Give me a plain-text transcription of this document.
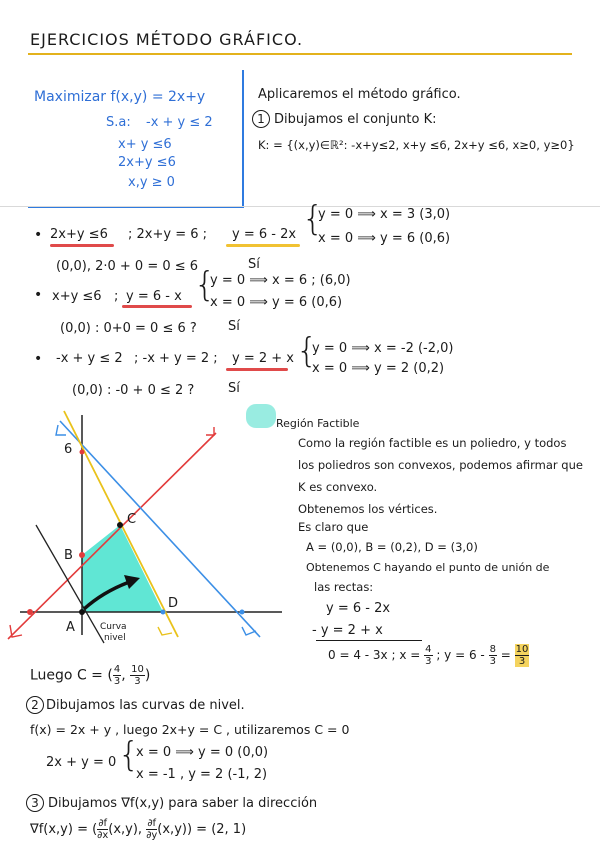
EJERCICIOS MÉTODO GRÁFICO.
Maximizar f(x,y) = 2x+y
S.a: -x + y ≤ 2
x+ y ≤6
2x+y ≤6
x,y ≥ 0
Aplicaremos el método gráfico.
1 Dibujamos el conjunto K:
K: = {(x,y)∈ℝ²: -x+y≤2, x+y ≤6, 2x+y ≤6, x≥0, y≥0}
• 2x+y ≤6 ; 2x+y = 6 ; y = 6 - 2x {
y = 0 ⟹ x = 3 (3,0)
x = 0 ⟹ y = 6 (0,6)
(0,0), 2·0 + 0 = 0 ≤ 6	Sí
• x+y ≤6 ; y = 6 - x {
y = 0 ⟹ x = 6 ; (6,0)
x = 0 ⟹ y = 6 (0,6)
(0,0) : 0+0 = 0 ≤ 6 ? Sí
• -x + y ≤ 2 ; -x + y = 2 ; y = 2 + x {
y = 0 ⟹ x = -2 (-2,0)
x = 0 ⟹ y = 2 (0,2)
(0,0) : -0 + 0 ≤ 2 ?	Sí
6
B
C
D
A	Curva
nivel
Región Factible
Como la región factible es un poliedro, y todos
los poliedros son convexos, podemos afirmar que
K es convexo.
Obtenemos los vértices.
Es claro que
A = (0,0), B = (0,2), D = (3,0)
Obtenemos C hayando el punto de unión de
las rectas:
y = 6 - 2x
- y = 2 + x
0 = 4 - 3x ; $x = \frac{4}{3}$ ; $y = 6 - \frac{8}{3} = \frac{10}{3}$
Luego C = ( $\frac{4}{3}$ , $\frac{10}{3}$ )
2 Dibujamos las curvas de nivel.
f(x) = 2x + y , luego 2x+y = C , utilizaremos C = 0
2x + y = 0 {
x = 0 ⟹ y = 0 (0,0)
x = -1 , y = 2 (-1, 2)
3 Dibujamos ∇f(x,y) para saber la dirección
∇f(x,y) = ( $\frac{\partial f}{\partial x} (x,y)$, $\frac{\partial f}{\partial y} (x,y)) = (2$, 1)
